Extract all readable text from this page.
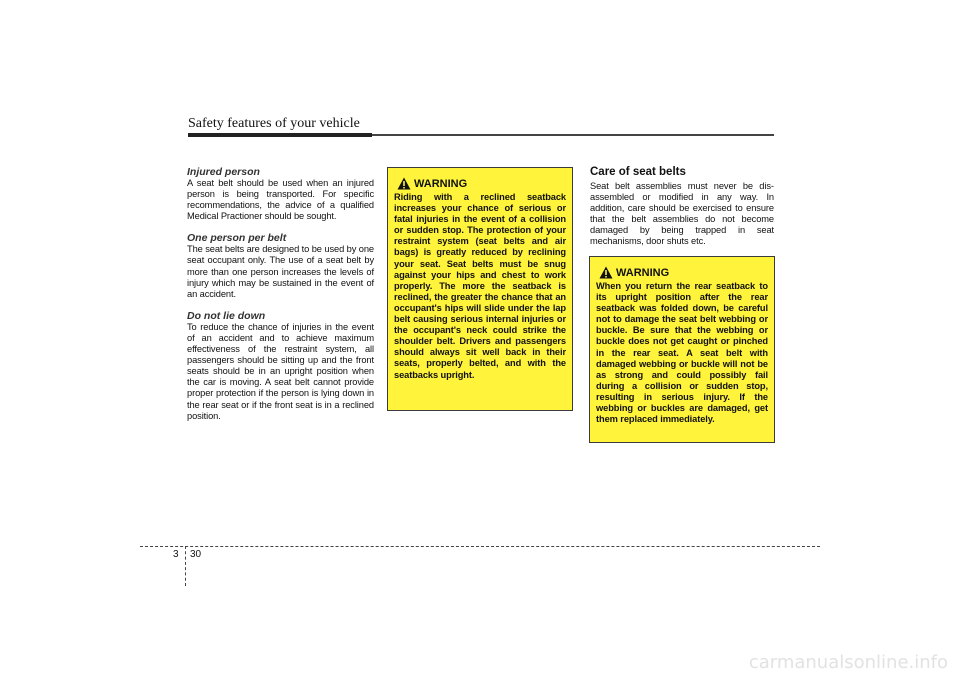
Safety features of your vehicle

Injured person

A seat belt should be used when an injured person is being transported. For specific recommendations, the advice of a qualified Medical Practioner should be sought.

One person per belt

The seat belts are designed to be used by one seat occupant only. The use of a seat belt by more than one person increases the levels of injury which may be sustained in the event of an accident.

Do not lie down

To reduce the chance of injuries in the event of an accident and to achieve maximum effectiveness of the restraint system, all passengers should be sitting up and the front seats should be in an upright position when the car is moving. A seat belt cannot provide proper protection if the person is lying down in the rear seat or if the front seat is in a reclined position.

WARNING

Riding with a reclined seatback increases your chance of serious or fatal injuries in the event of a collision or sudden stop. The protection of your restraint system (seat belts and air bags) is greatly reduced by reclining your seat. Seat belts must be snug against your hips and chest to work properly. The more the seatback is reclined, the greater the chance that an occupant's hips will slide under the lap belt causing serious internal injuries or the occupant's neck could strike the shoulder belt. Drivers and passengers should always sit well back in their seats, properly belted, and with the seatbacks upright.

Care of seat belts

Seat belt assemblies must never be disassembled or modified in any way. In addition, care should be exercised to ensure that the belt assemblies do not become damaged by being trapped in seat mechanisms, door shuts etc.

WARNING

When you return the rear seatback to its upright position after the rear seatback was folded down, be careful not to damage the seat belt webbing or buckle. Be sure that the webbing or buckle does not get caught or pinched in the rear seat. A seat belt with damaged webbing or buckle will not be as strong and could possibly fail during a collision or sudden stop, resulting in serious injury. If the webbing or buckles are damaged, get them replaced immediately.

3 30
carmanualsonline.info
